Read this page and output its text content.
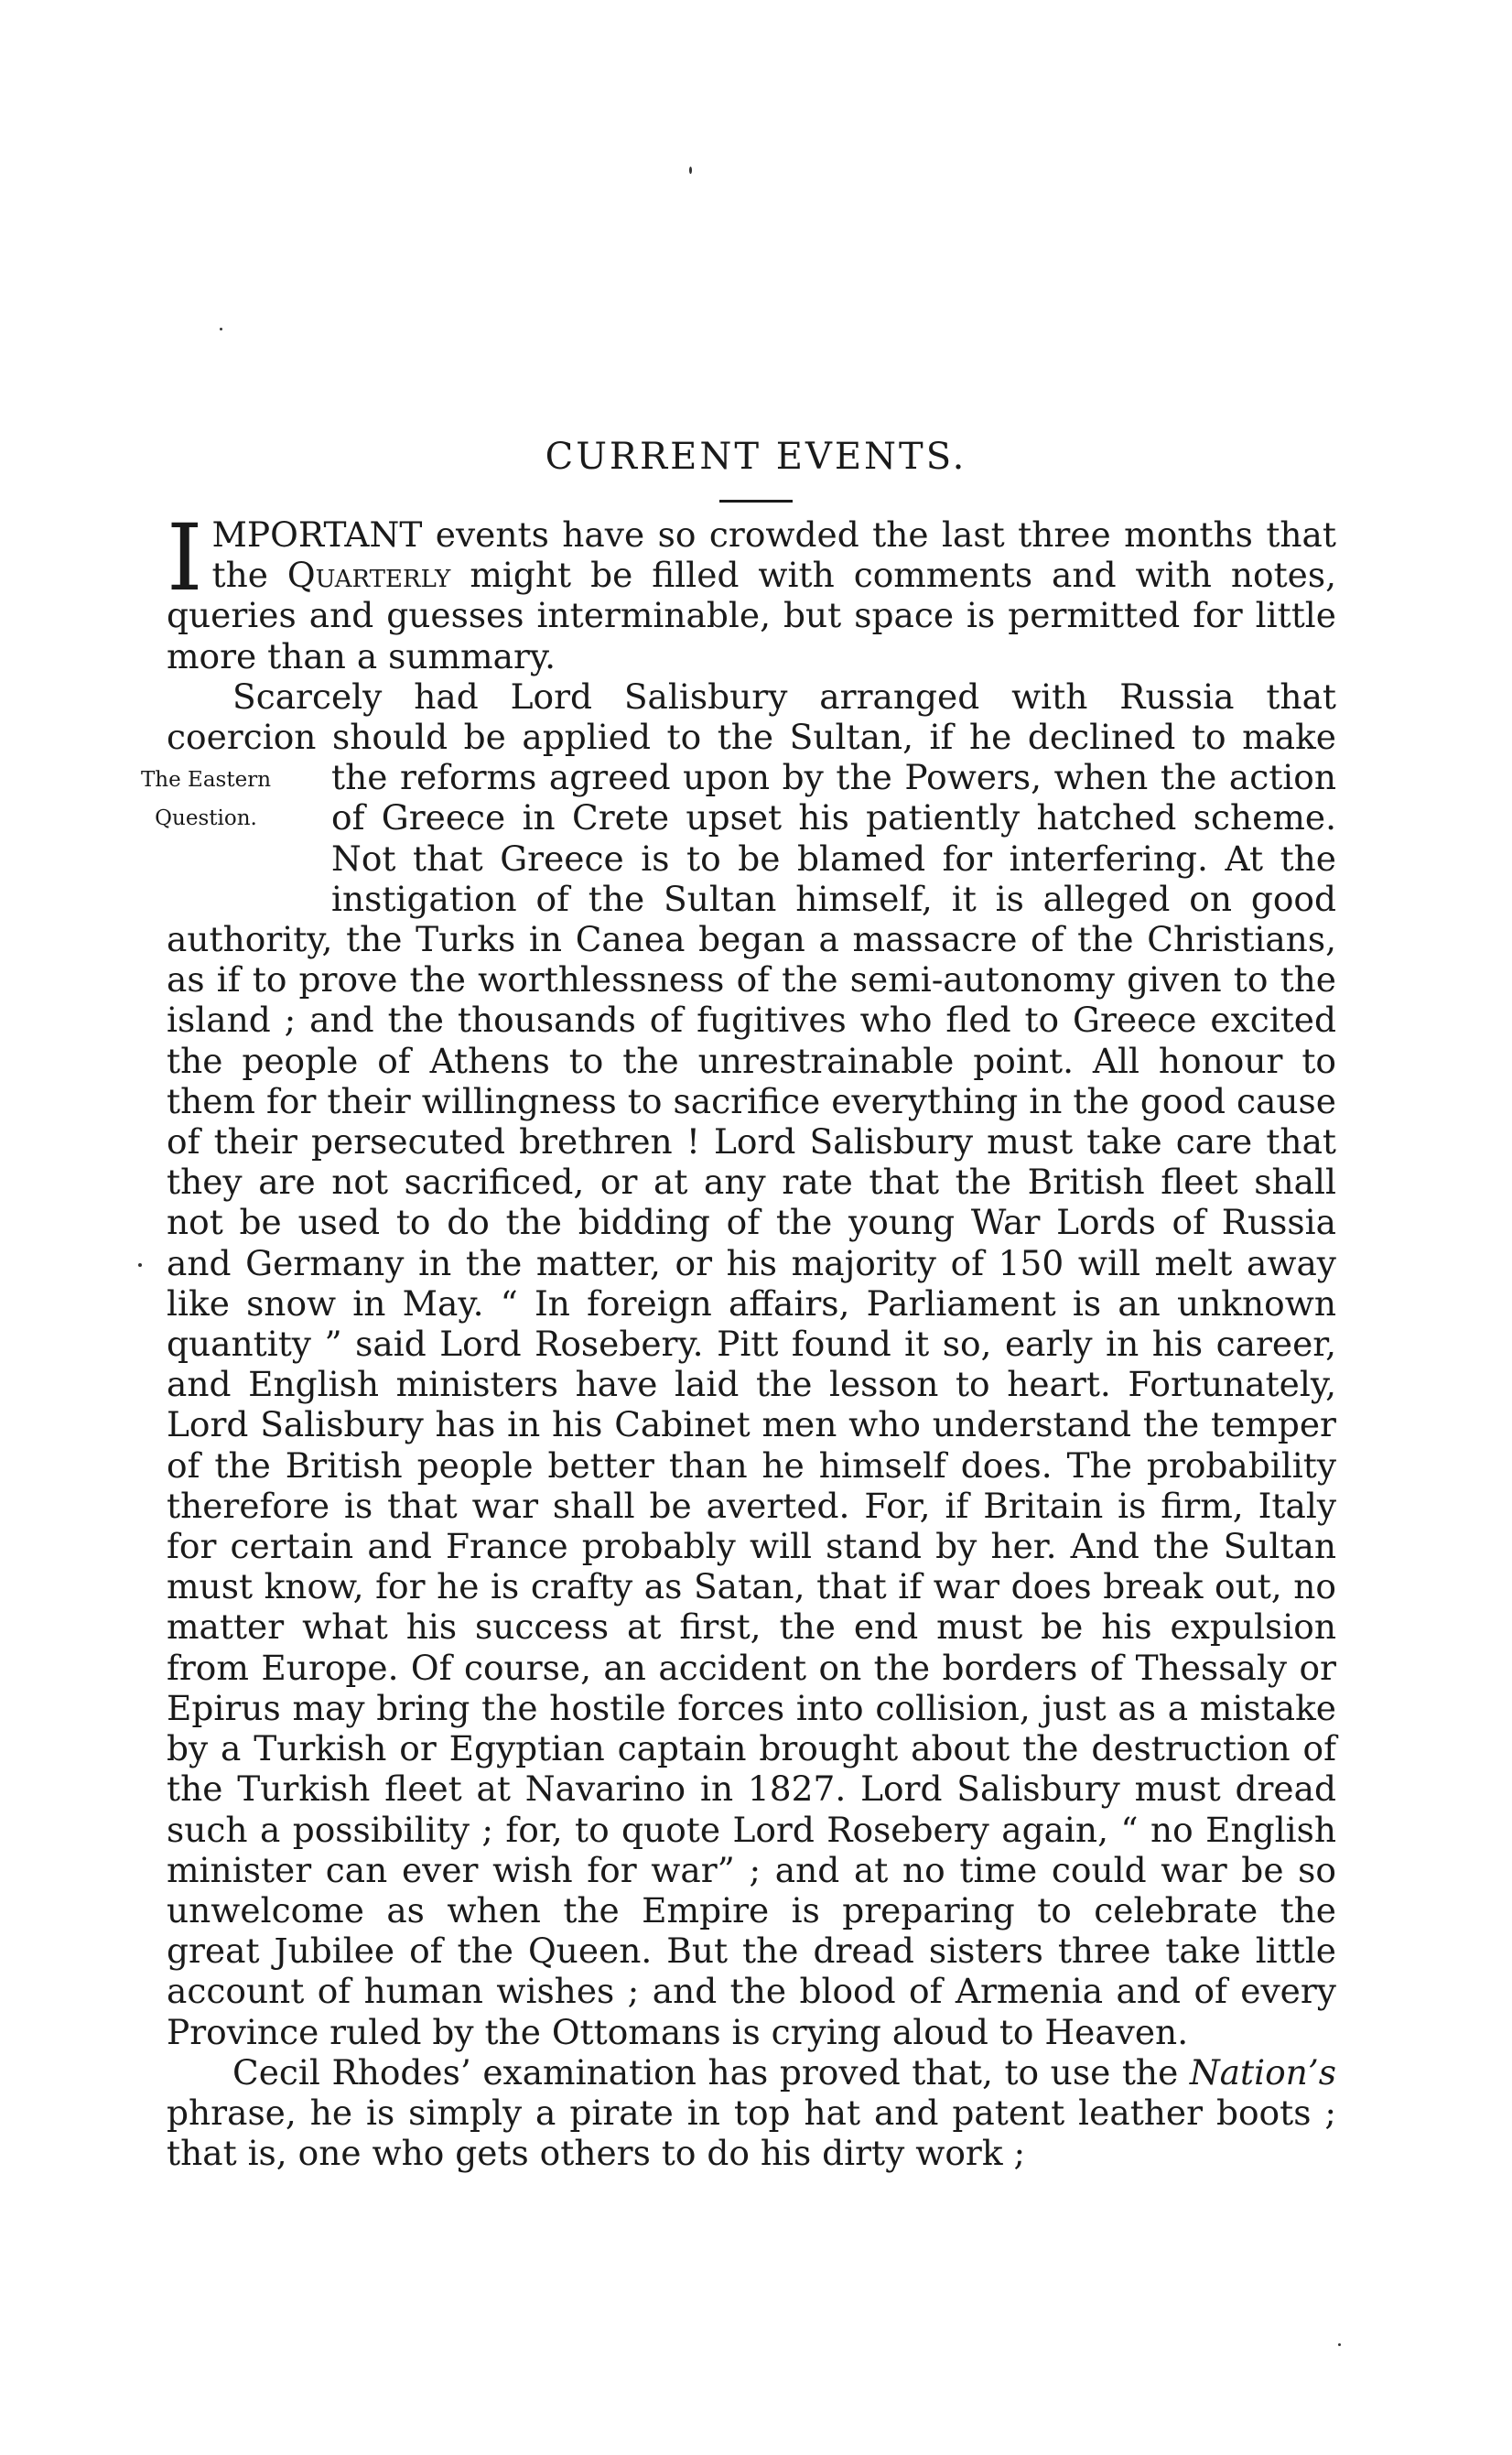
CURRENT EVENTS.

IMPORTANT events have so crowded the last three months that the Quarterly might be filled with comments and with notes, queries and guesses interminable, but space is permitted for little more than a summary.

Scarcely had Lord Salisbury arranged with Russia that coercion should be applied to the Sultan, if he declined to make the
The Eastern
Question.
reforms agreed upon by the Powers, when the action of Greece in Crete upset his patiently hatched scheme. Not that Greece is to be blamed for interfering. At the instigation of the Sultan himself, it is alleged on good authority, the Turks in Canea began a massacre of the Christians, as if to prove the worthlessness of the semi-autonomy given to the island ; and the thousands of fugitives who fled to Greece excited the people of Athens to the unrestrainable point. All honour to them for their willingness to sacrifice everything in the good cause of their persecuted brethren ! Lord Salisbury must take care that they are not sacrificed, or at any rate that the British fleet shall not be used to do the bidding of the young War Lords of Russia and Germany in the matter, or his majority of 150 will melt away like snow in May. “ In foreign affairs, Parliament is an unknown quantity ” said Lord Rosebery. Pitt found it so, early in his career, and English ministers have laid the lesson to heart. Fortunately, Lord Salisbury has in his Cabinet men who understand the temper of the British people better than he himself does. The probability therefore is that war shall be averted. For, if Britain is firm, Italy for certain and France probably will stand by her. And the Sultan must know, for he is crafty as Satan, that if war does break out, no matter what his success at first, the end must be his expulsion from Europe. Of course, an accident on the borders of Thessaly or Epirus may bring the hostile forces into collision, just as a mistake by a Turkish or Egyptian captain brought about the destruction of the Turkish fleet at Navarino in 1827. Lord Salisbury must dread such a possibility ; for, to quote Lord Rosebery again, “ no English minister can ever wish for war” ; and at no time could war be so unwelcome as when the Empire is preparing to celebrate the great Jubilee of the Queen. But the dread sisters three take little account of human wishes ; and the blood of Armenia and of every Province ruled by the Ottomans is crying aloud to Heaven.

Cecil Rhodes’ examination has proved that, to use the Nation’s phrase, he is simply a pirate in top hat and patent leather boots ; that is, one who gets others to do his dirty work ;
